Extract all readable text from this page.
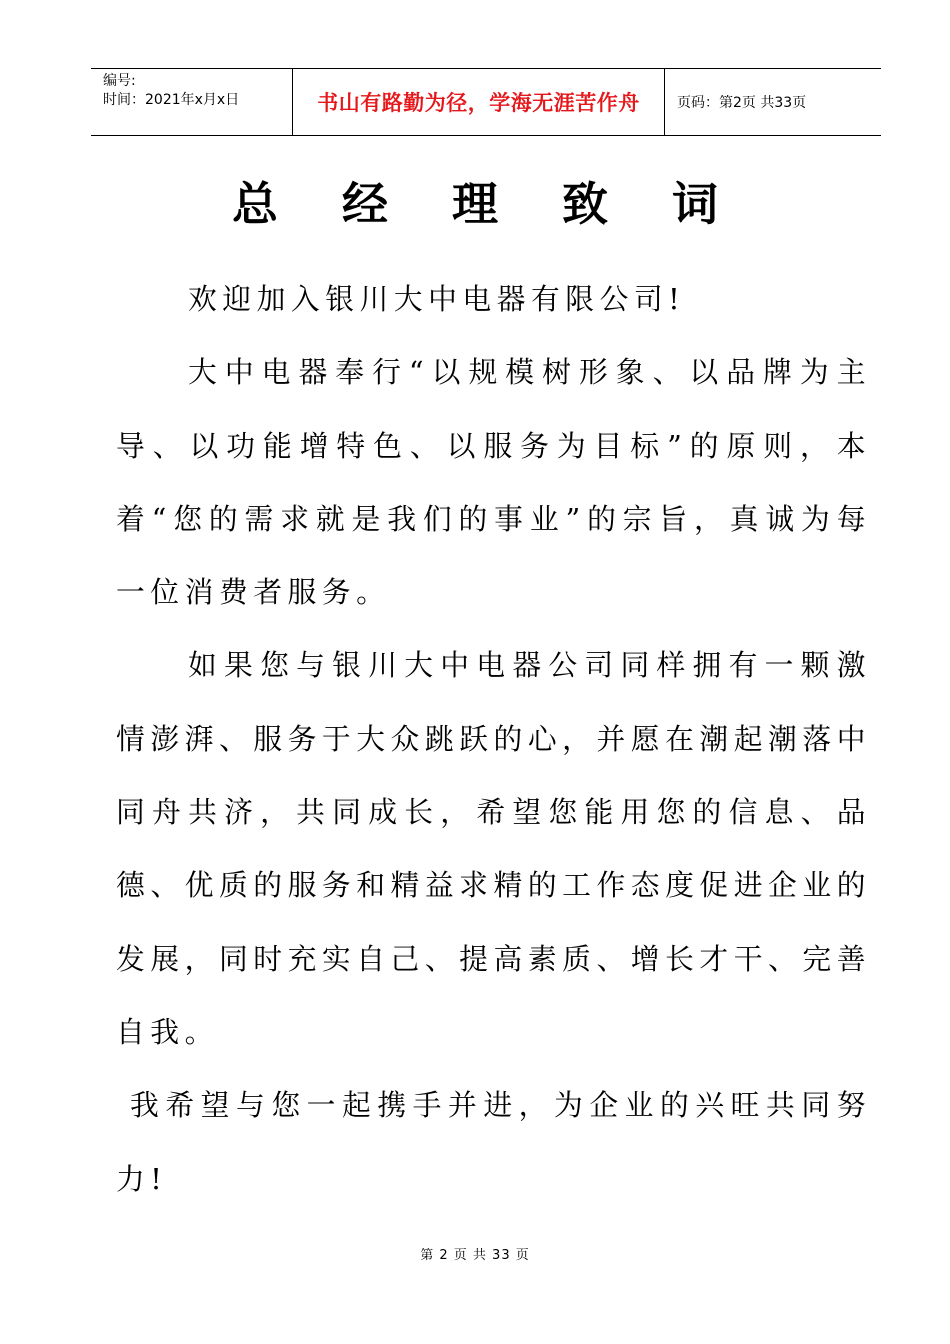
编号:
时间：2021年x月x日	书山有路勤为径，学海无涯苦作舟	页码：第2页 共33页
总 经 理 致 词

欢迎加入银川大中电器有限公司!

大中电器奉行“以规模树形象、以品牌为主导、以功能增特色、以服务为目标”的原则，本着“您的需求就是我们的事业”的宗旨，真诚为每一位消费者服务。

如果您与银川大中电器公司同样拥有一颗激情澎湃、服务于大众跳跃的心，并愿在潮起潮落中同舟共济，共同成长，希望您能用您的信息、品德、优质的服务和精益求精的工作态度促进企业的发展，同时充实自己、提高素质、增长才干、完善自我。

我希望与您一起携手并进，为企业的兴旺共同努力!

第 2 页 共 33 页
